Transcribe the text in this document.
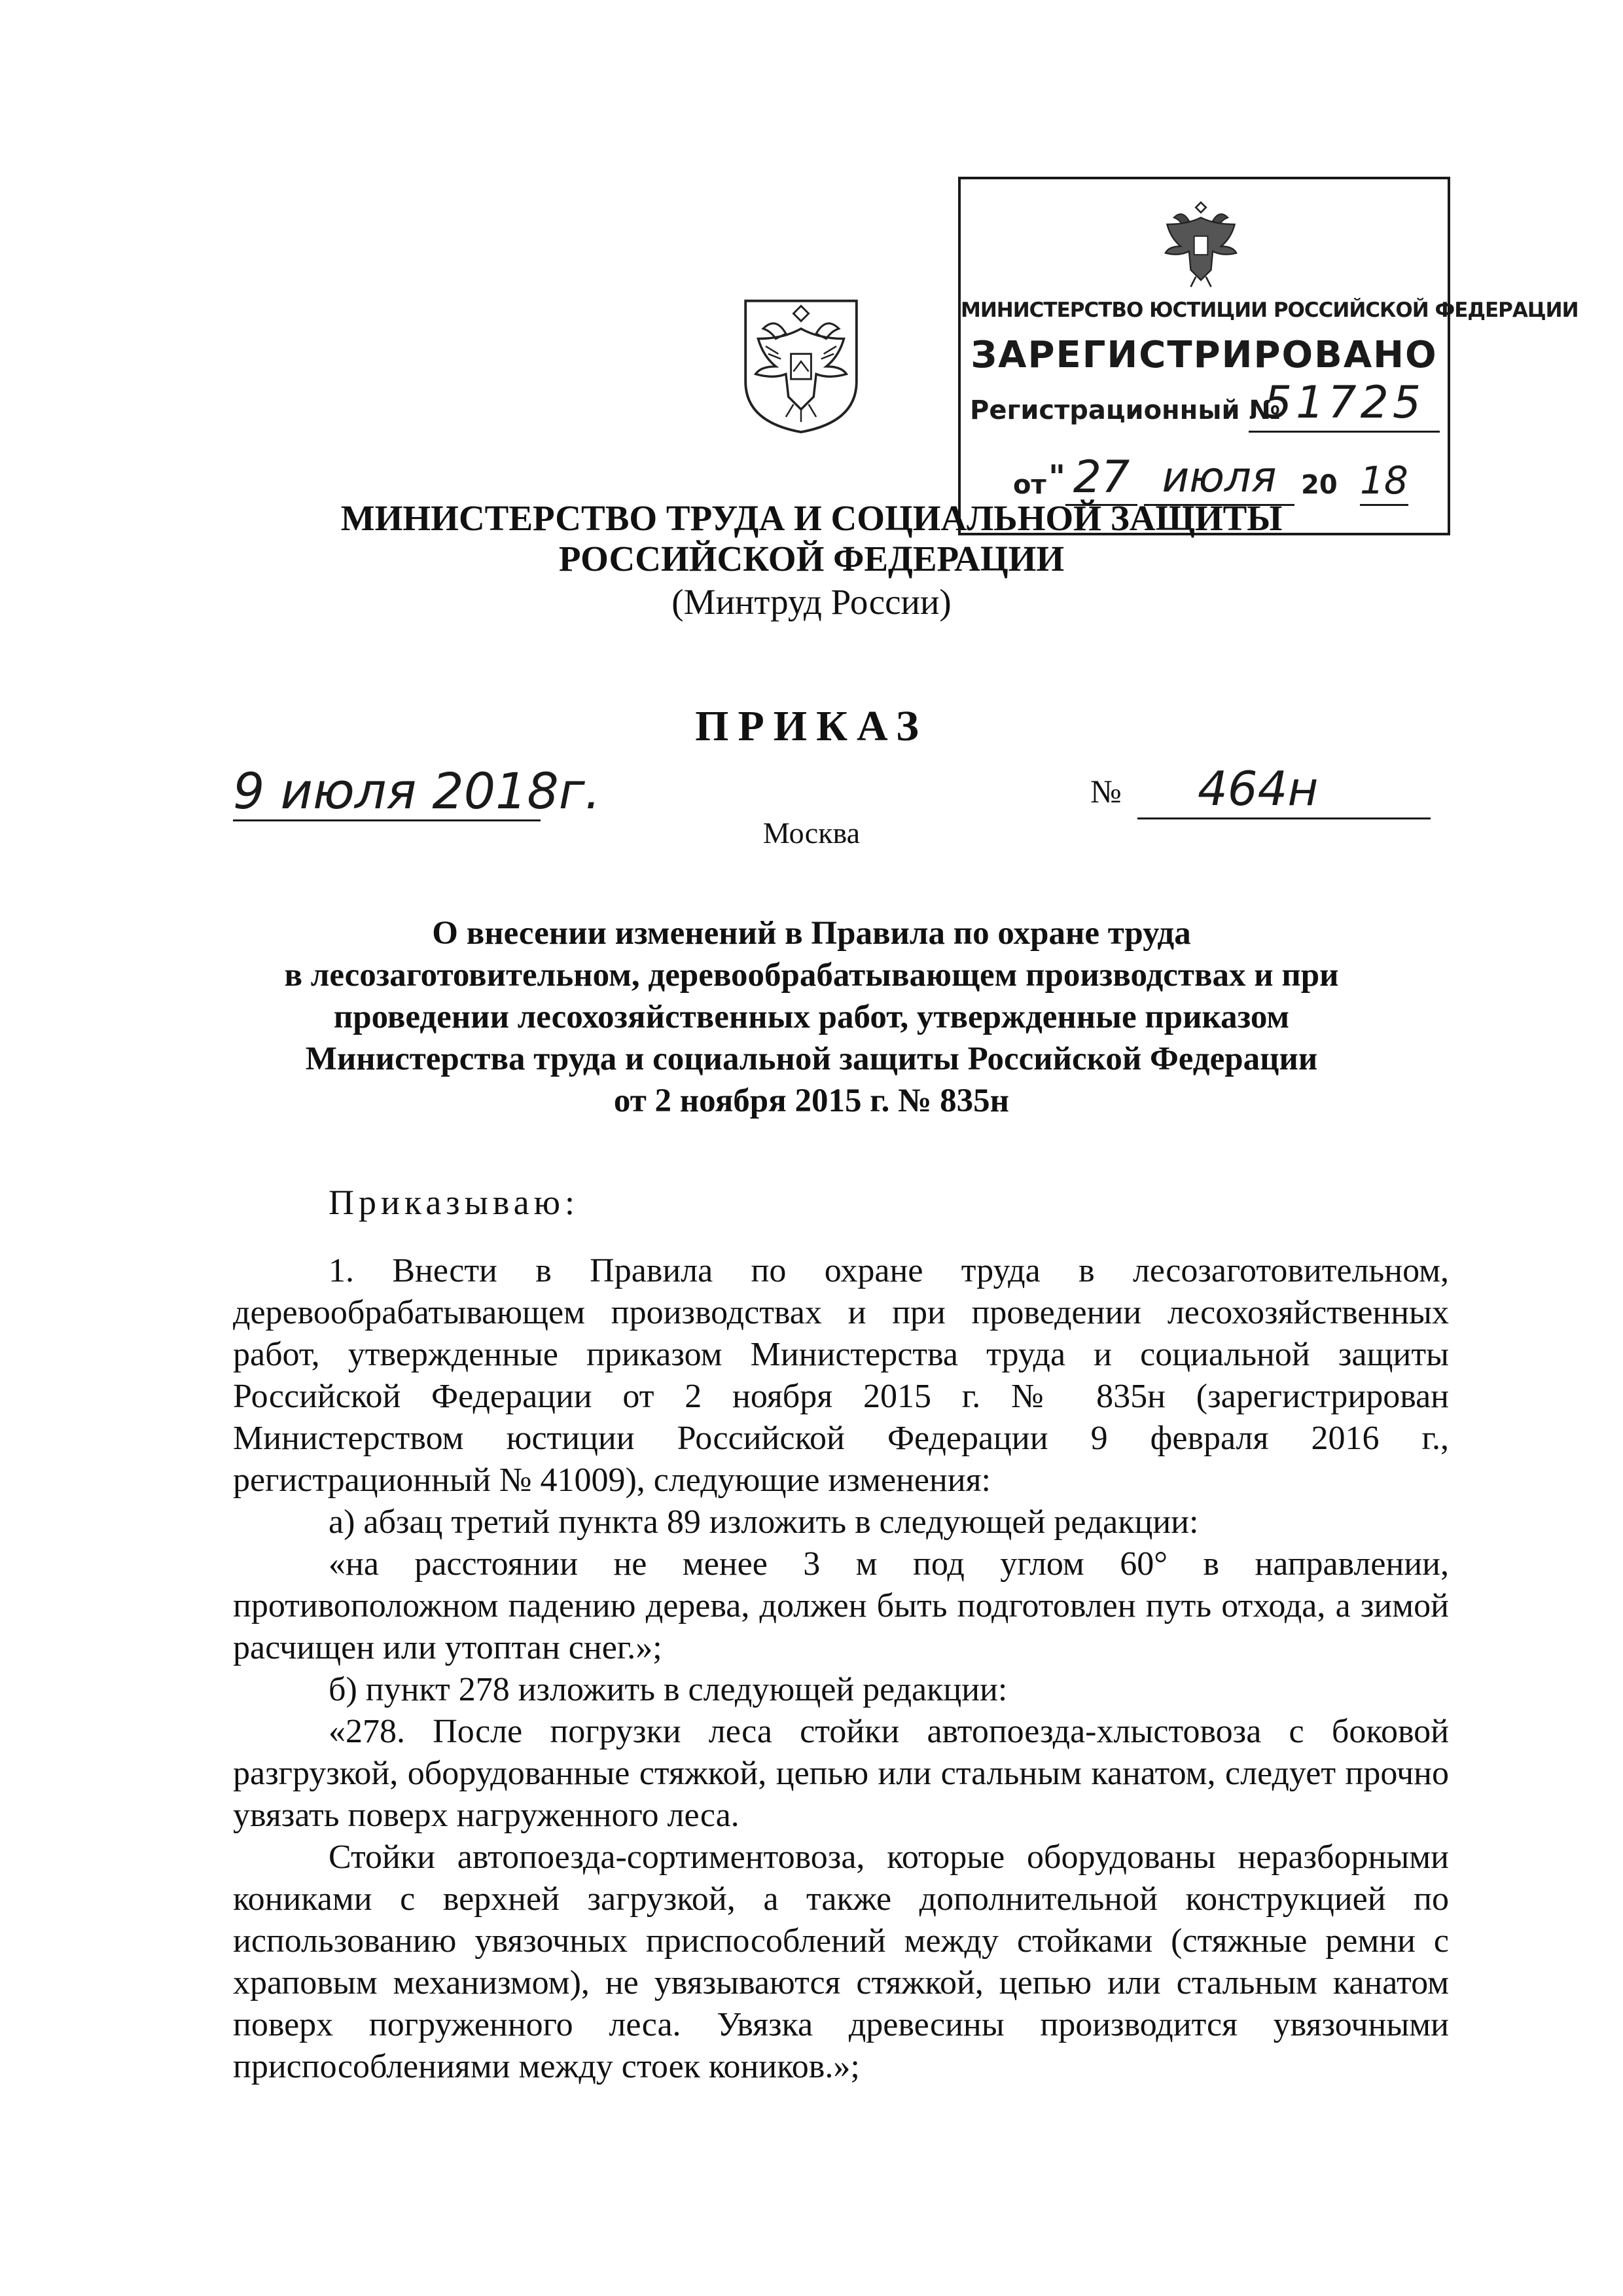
МИНИСТЕРСТВО ЮСТИЦИИ РОССИЙСКОЙ ФЕДЕРАЦИИ
ЗАРЕГИСТРИРОВАНО
Регистрационный №
51725
от " 27 июля 20 18
МИНИСТЕРСТВО ТРУДА И СОЦИАЛЬНОЙ ЗАЩИТЫ
РОССИЙСКОЙ ФЕДЕРАЦИИ
(Минтруд России)
ПРИКАЗ
9 июля 2018г.	№	464н
Москва
О внесении изменений в Правила по охране труда
в лесозаготовительном, деревообрабатывающем производствах и при
проведении лесохозяйственных работ, утвержденные приказом
Министерства труда и социальной защиты Российской Федерации
от 2 ноября 2015 г. № 835н
Приказываю:

1. Внести в Правила по охране труда в лесозаготовительном, деревообрабатывающем производствах и при проведении лесохозяйственных работ, утвержденные приказом Министерства труда и социальной защиты Российской Федерации от 2 ноября 2015 г. № 835н (зарегистрирован Министерством юстиции Российской Федерации 9 февраля 2016 г., регистрационный № 41009), следующие изменения:

а) абзац третий пункта 89 изложить в следующей редакции:

«на расстоянии не менее 3 м под углом 60° в направлении, противоположном падению дерева, должен быть подготовлен путь отхода, а зимой расчищен или утоптан снег.»;

б) пункт 278 изложить в следующей редакции:

«278. После погрузки леса стойки автопоезда-хлыстовоза с боковой разгрузкой, оборудованные стяжкой, цепью или стальным канатом, следует прочно увязать поверх нагруженного леса.

Стойки автопоезда-сортиментовоза, которые оборудованы неразборными кониками с верхней загрузкой, а также дополнительной конструкцией по использованию увязочных приспособлений между стойками (стяжные ремни с храповым механизмом), не увязываются стяжкой, цепью или стальным канатом поверх погруженного леса. Увязка древесины производится увязочными приспособлениями между стоек коников.»;
